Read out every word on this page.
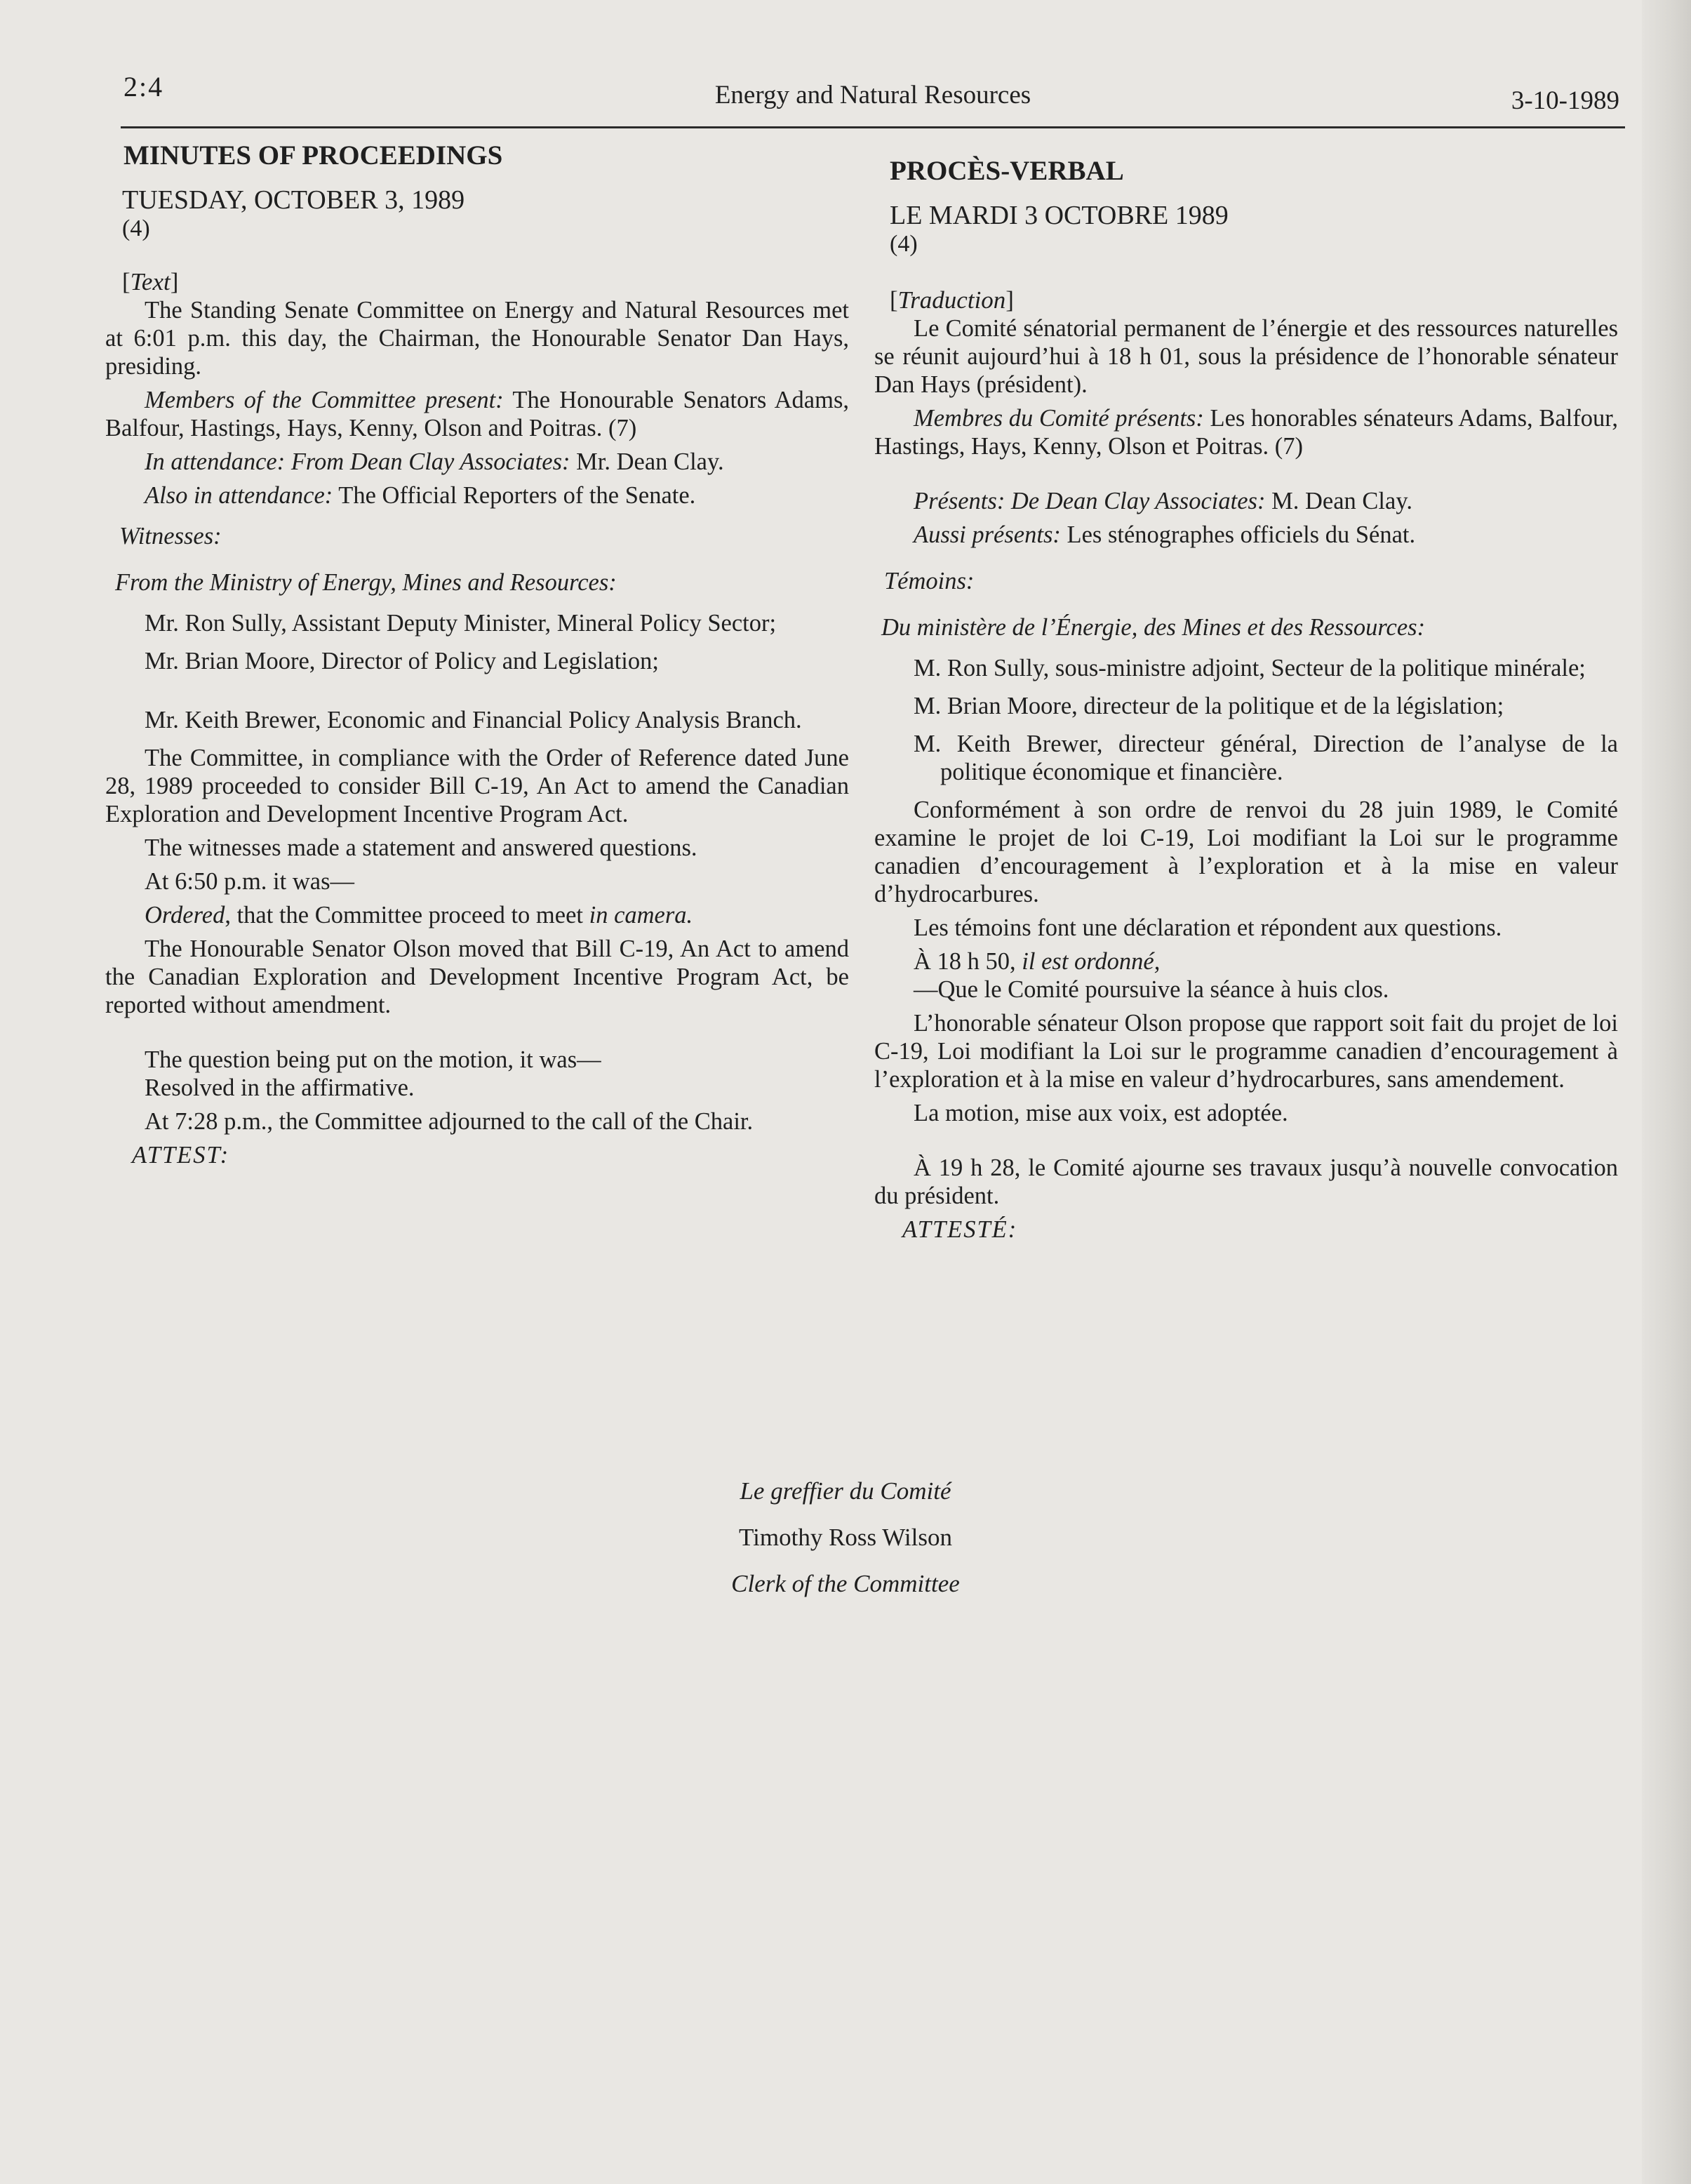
2:4	Energy and Natural Resources	3-10-1989

MINUTES OF PROCEEDINGS

TUESDAY, OCTOBER 3, 1989

(4)

[Text]

The Standing Senate Committee on Energy and Natural Resources met at 6:01 p.m. this day, the Chairman, the Honourable Senator Dan Hays, presiding.

Members of the Committee present: The Honourable Senators Adams, Balfour, Hastings, Hays, Kenny, Olson and Poitras. (7)

In attendance: From Dean Clay Associates: Mr. Dean Clay.

Also in attendance: The Official Reporters of the Senate.

Witnesses:

From the Ministry of Energy, Mines and Resources:

Mr. Ron Sully, Assistant Deputy Minister, Mineral Policy Sector;

Mr. Brian Moore, Director of Policy and Legislation;

Mr. Keith Brewer, Economic and Financial Policy Analysis Branch.

The Committee, in compliance with the Order of Reference dated June 28, 1989 proceeded to consider Bill C-19, An Act to amend the Canadian Exploration and Development Incentive Program Act.

The witnesses made a statement and answered questions.

At 6:50 p.m. it was—

Ordered, that the Committee proceed to meet in camera.

The Honourable Senator Olson moved that Bill C-19, An Act to amend the Canadian Exploration and Development Incentive Program Act, be reported without amendment.

The question being put on the motion, it was—

Resolved in the affirmative.

At 7:28 p.m., the Committee adjourned to the call of the Chair.

ATTEST:

PROCÈS-VERBAL

LE MARDI 3 OCTOBRE 1989

(4)

[Traduction]

Le Comité sénatorial permanent de l’énergie et des ressources naturelles se réunit aujourd’hui à 18 h 01, sous la présidence de l’honorable sénateur Dan Hays (président).

Membres du Comité présents: Les honorables sénateurs Adams, Balfour, Hastings, Hays, Kenny, Olson et Poitras. (7)

Présents: De Dean Clay Associates: M. Dean Clay.

Aussi présents: Les sténographes officiels du Sénat.

Témoins:

Du ministère de l’Énergie, des Mines et des Ressources:

M. Ron Sully, sous-ministre adjoint, Secteur de la politique minérale;

M. Brian Moore, directeur de la politique et de la législation;

M. Keith Brewer, directeur général, Direction de l’analyse de la politique économique et financière.

Conformément à son ordre de renvoi du 28 juin 1989, le Comité examine le projet de loi C-19, Loi modifiant la Loi sur le programme canadien d’encouragement à l’exploration et à la mise en valeur d’hydrocarbures.

Les témoins font une déclaration et répondent aux questions.

À 18 h 50, il est ordonné,

—Que le Comité poursuive la séance à huis clos.

L’honorable sénateur Olson propose que rapport soit fait du projet de loi C-19, Loi modifiant la Loi sur le programme canadien d’encouragement à l’exploration et à la mise en valeur d’hydrocarbures, sans amendement.

La motion, mise aux voix, est adoptée.

À 19 h 28, le Comité ajourne ses travaux jusqu’à nouvelle convocation du président.

ATTESTÉ:

Le greffier du Comité
Timothy Ross Wilson
Clerk of the Committee
